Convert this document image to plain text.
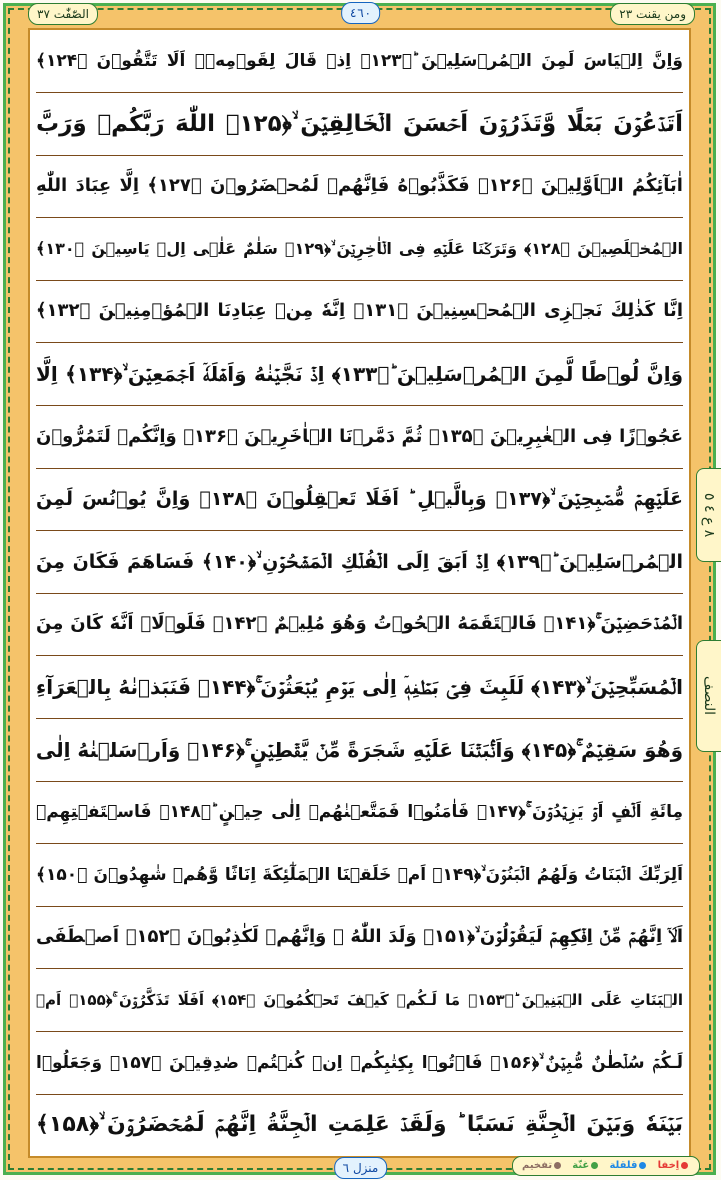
وَاِنَّ اِلۡيَاسَ لَمِنَ الۡمُرۡسَلِيۡنَ ؕ﴿۱۲۳﴾ اِذۡ قَالَ لِقَوۡمِهٖۤ اَلَا تَتَّقُوۡنَ ﴿۱۲۴﴾
اَتَدۡعُوۡنَ بَعۡلًا وَّتَذَرُوۡنَ اَحۡسَنَ الۡخَالِقِيۡنَ ۙ﴿۱۲۵﴾ اللّٰهَ رَبَّكُمۡ وَرَبَّ
اٰبَآئِكُمُ الۡاَوَّلِيۡنَ ﴿۱۲۶﴾ فَكَذَّبُوۡهُ فَاِنَّهُمۡ لَمُحۡضَرُوۡنَ ﴿۱۲۷﴾ اِلَّا عِبَادَ اللّٰهِ
الۡمُخۡلَصِيۡنَ ﴿۱۲۸﴾ وَتَرَكۡنَا عَلَيۡهِ فِى الۡاٰخِرِيۡنَ ۙ﴿۱۲۹﴾ سَلٰمٌ عَلٰۤى اِلۡ يَاسِيۡنَ ﴿۱۳۰﴾
اِنَّا كَذٰلِكَ نَجۡزِى الۡمُحۡسِنِيۡنَ ﴿۱۳۱﴾ اِنَّهٗ مِنۡ عِبَادِنَا الۡمُؤۡمِنِيۡنَ ﴿۱۳۲﴾
وَاِنَّ لُوۡطًا لَّمِنَ الۡمُرۡسَلِيۡنَ ؕ﴿۱۳۳﴾ اِذۡ نَجَّيۡنٰهُ وَاَهۡلَهٗۤ اَجۡمَعِيۡنَ ۙ﴿۱۳۴﴾ اِلَّا
عَجُوۡزًا فِى الۡغٰبِرِيۡنَ ﴿۱۳۵﴾ ثُمَّ دَمَّرۡنَا الۡاٰخَرِيۡنَ ﴿۱۳۶﴾ وَاِنَّكُمۡ لَتَمُرُّوۡنَ
عَلَيۡهِمۡ مُّصۡبِحِيۡنَ ۙ﴿۱۳۷﴾ وَبِالَّيۡلِ ؕ اَفَلَا تَعۡقِلُوۡنَ ﴿۱۳۸﴾ وَاِنَّ يُوۡنُسَ لَمِنَ
الۡمُرۡسَلِيۡنَ ؕ﴿۱۳۹﴾ اِذۡ اَبَقَ اِلَى الۡفُلۡكِ الۡمَشۡحُوۡنِ ۙ﴿۱۴۰﴾ فَسَاهَمَ فَكَانَ مِنَ
الۡمُدۡحَضِيۡنَ ۚ﴿۱۴۱﴾ فَالۡتَقَمَهُ الۡحُوۡتُ وَهُوَ مُلِيۡمٌ ﴿۱۴۲﴾ فَلَوۡلَاۤ اَنَّهٗ كَانَ مِنَ
الۡمُسَبِّحِيۡنَ ۙ﴿۱۴۳﴾ لَلَبِثَ فِىۡ بَطۡنِهٖۤ اِلٰى يَوۡمِ يُبۡعَثُوۡنَ ۚ﴿۱۴۴﴾ فَنَبَذۡنٰهُ بِالۡعَرَآءِ
وَهُوَ سَقِيۡمٌ ۚ﴿۱۴۵﴾ وَاَنۡۢبَتۡنَا عَلَيۡهِ شَجَرَةً مِّنۡ يَّقۡطِيۡنٍ ۚ﴿۱۴۶﴾ وَاَرۡسَلۡنٰهُ اِلٰى
مِائَةِ اَلۡفٍ اَوۡ يَزِيۡدُوۡنَ ۚ﴿۱۴۷﴾ فَاٰمَنُوۡا فَمَتَّعۡنٰهُمۡ اِلٰى حِيۡنٍ ؕ﴿۱۴۸﴾ فَاسۡتَفۡتِهِمۡ
اَلِرَبِّكَ الۡبَنَاتُ وَلَهُمُ الۡبَنُوۡنَ ۙ﴿۱۴۹﴾ اَمۡ خَلَقۡنَا الۡمَلٰٓئِكَةَ اِنَاثًا وَّهُمۡ شٰهِدُوۡنَ ﴿۱۵۰﴾
اَلَاۤ اِنَّهُمۡ مِّنۡ اِفۡكِهِمۡ لَيَقُوۡلُوۡنَ ۙ﴿۱۵۱﴾ وَلَدَ اللّٰهُ ۙ وَاِنَّهُمۡ لَكٰذِبُوۡنَ ﴿۱۵۲﴾ اَصۡطَفَى
الۡبَنَاتِ عَلَى الۡبَنِيۡنَ ؕ﴿۱۵۳﴾ مَا لَـكُمۡ كَيۡفَ تَحۡكُمُوۡنَ ﴿۱۵۴﴾ اَفَلَا تَذَكَّرُوۡنَ ۚ﴿۱۵۵﴾ اَمۡ
لَـكُمۡ سُلۡطٰنٌ مُّبِيۡنٌ ۙ﴿۱۵۶﴾ فَاۡتُوۡا بِكِتٰبِكُمۡ اِنۡ كُنۡتُمۡ صٰدِقِيۡنَ ﴿۱۵۷﴾ وَجَعَلُوۡا
بَيۡنَهٗ وَبَيۡنَ الۡجِنَّةِ نَسَبًا ؕ وَلَقَدۡ عَلِمَتِ الۡجِنَّةُ اِنَّهُمۡ لَمُحۡضَرُوۡنَ ۙ﴿۱۵۸﴾
الصّٰفّٰت ٣٧	٤٦٠	ومن يقنت ٢٣
٨ ع ٤ ٥
النصف
منزل ٦	اِخفا قلقلة غنّة تفخیم
